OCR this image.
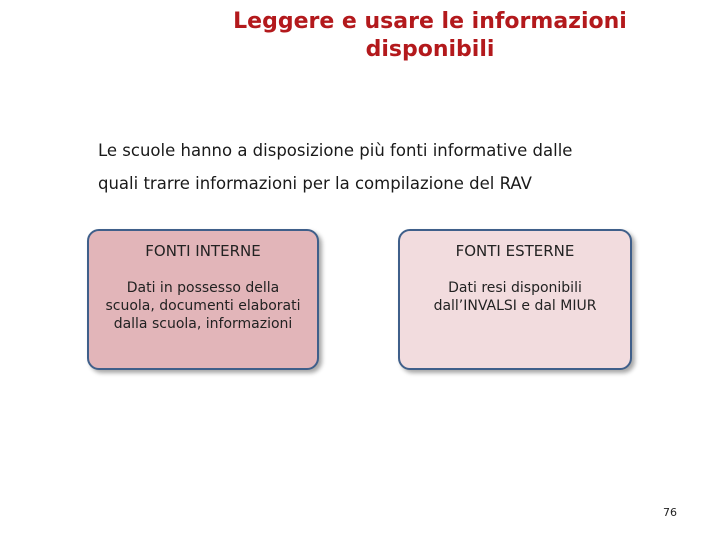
Leggere e usare le informazioni
disponibili
Le scuole hanno a disposizione più fonti informative dalle
quali trarre informazioni per la compilazione del RAV
FONTI INTERNE
Dati in possesso della scuola, documenti elaborati dalla scuola, informazioni
FONTI ESTERNE
Dati resi disponibili dall’INVALSI e dal MIUR
76
